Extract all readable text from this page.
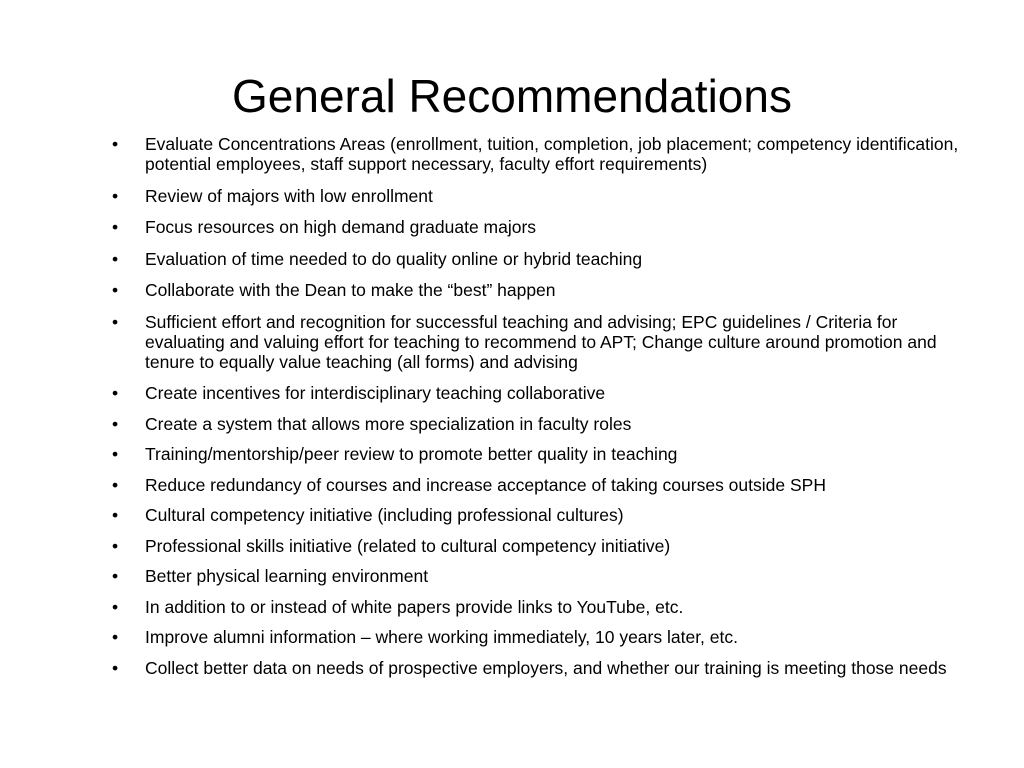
General Recommendations
•	Evaluate Concentrations Areas (enrollment, tuition, completion, job placement; competency identification, potential employees, staff support necessary, faculty effort requirements)
•	Review of majors with low enrollment
•	Focus resources on high demand graduate majors
•	Evaluation of time needed to do quality online or hybrid teaching
•	Collaborate with the Dean to make the “best” happen
•	Sufficient effort and recognition for successful teaching and advising; EPC guidelines / Criteria for evaluating and valuing effort for teaching to recommend to APT; Change culture around promotion and tenure to equally value teaching (all forms) and advising
•	Create incentives for interdisciplinary teaching collaborative
•	Create a system that allows more specialization in faculty roles
•	Training/mentorship/peer review to promote better quality in teaching
•	Reduce redundancy of courses and increase acceptance of taking courses outside SPH
•	Cultural competency initiative (including professional cultures)
•	Professional skills initiative (related to cultural competency initiative)
•	Better physical learning environment
•	In addition to or instead of white papers provide links to YouTube, etc.
•	Improve alumni information – where working immediately, 10 years later, etc.
•	Collect better data on needs of prospective employers, and whether our training is meeting those needs
